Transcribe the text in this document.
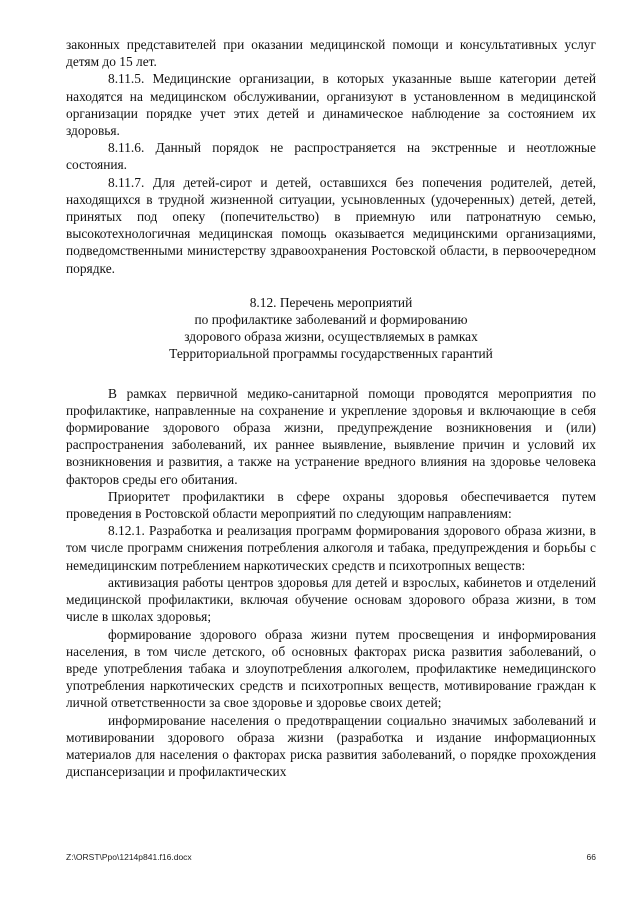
законных представителей при оказании медицинской помощи и консультативных услуг детям до 15 лет.

8.11.5. Медицинские организации, в которых указанные выше категории детей находятся на медицинском обслуживании, организуют в установленном в медицинской организации порядке учет этих детей и динамическое наблюдение за состоянием их здоровья.

8.11.6. Данный порядок не распространяется на экстренные и неотложные состояния.

8.11.7. Для детей-сирот и детей, оставшихся без попечения родителей, детей, находящихся в трудной жизненной ситуации, усыновленных (удочеренных) детей, детей, принятых под опеку (попечительство) в приемную или патронатную семью, высокотехнологичная медицинская помощь оказывается медицинскими организациями, подведомственными министерству здравоохранения Ростовской области, в первоочередном порядке.

8.12. Перечень мероприятий
по профилактике заболеваний и формированию
здорового образа жизни, осуществляемых в рамках
Территориальной программы государственных гарантий

В рамках первичной медико-санитарной помощи проводятся мероприятия по профилактике, направленные на сохранение и укрепление здоровья и включающие в себя формирование здорового образа жизни, предупреждение возникновения и (или) распространения заболеваний, их раннее выявление, выявление причин и условий их возникновения и развития, а также на устранение вредного влияния на здоровье человека факторов среды его обитания.

Приоритет профилактики в сфере охраны здоровья обеспечивается путем проведения в Ростовской области мероприятий по следующим направлениям:

8.12.1. Разработка и реализация программ формирования здорового образа жизни, в том числе программ снижения потребления алкоголя и табака, предупреждения и борьбы с немедицинским потреблением наркотических средств и психотропных веществ:

активизация работы центров здоровья для детей и взрослых, кабинетов и отделений медицинской профилактики, включая обучение основам здорового образа жизни, в том числе в школах здоровья;

формирование здорового образа жизни путем просвещения и информирования населения, в том числе детского, об основных факторах риска развития заболеваний, о вреде употребления табака и злоупотребления алкоголем, профилактике немедицинского употребления наркотических средств и психотропных веществ, мотивирование граждан к личной ответственности за свое здоровье и здоровье своих детей;

информирование населения о предотвращении социально значимых заболеваний и мотивировании здорового образа жизни (разработка и издание информационных материалов для населения о факторах риска развития заболеваний, о порядке прохождения диспансеризации и профилактических

Z:\ORST\Ppo\1214p841.f16.docx	66
